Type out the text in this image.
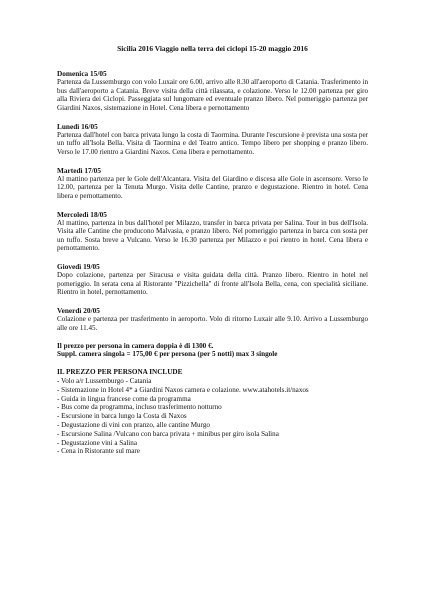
Sicilia 2016 Viaggio nella terra dei ciclopi 15-20 maggio 2016
Domenica 15/05
Partenza da Lussemburgo con volo Luxair ore 6.00, arrivo alle 8.30 all'aeroporto di Catania. Trasferimento in bus dall'aeroporto a Catania. Breve visita della città rilassata, e colazione. Verso le 12.00 partenza per giro alla Riviera dei Ciclopi. Passeggiata sul lungomare ed eventuale pranzo libero. Nel pomeriggio partenza per Giardini Naxos, sistemazione in Hotel. Cena libera e pernottamento
Lunedì 16/05
Partenza dall'hotel con barca privata lungo la costa di Taormina. Durante l'escursione è prevista una sosta per un tuffo all'Isola Bella. Visita di Taormina e del Teatro antico. Tempo libero per shopping e pranzo libero. Verso le 17.00 rientro a Giardini Naxos. Cena libera e pernottamento.
Martedì 17/05
Al mattino partenza per le Gole dell'Alcantara. Visita del Giardino e discesa alle Gole in ascensore. Verso le 12.00, partenza per la Tenuta Murgo. Visita delle Cantine, pranzo e degustazione. Rientro in hotel. Cena libera e pernottamento.
Mercoledì 18/05
Al mattino, partenza in bus dall'hotel per Milazzo, transfer in barca privata per Salina. Tour in bus dell'Isola. Visita alle Cantine che producono Malvasia, e pranzo libero. Nel pomeriggio partenza in barca con sosta per un tuffo. Sosta breve a Vulcano. Verso le 16.30 partenza per Milazzo e poi rientro in hotel. Cena libera e pernottamento.
Giovedì 19/05
Dopo colazione, partenza per Siracusa e visita guidata della città. Pranzo libero. Rientro in hotel nel pomeriggio. In serata cena al Ristorante "Pizzichella" di fronte all'Isola Bella, cena, con specialità siciliane. Rientro in hotel, pernottamento.
Venerdì 20/05
Colazione e partenza per trasferimento in aeroporto. Volo di ritorno Luxair alle 9.10. Arrivo a Lussemburgo alle ore 11.45.
Il prezzo per persona in camera doppia è di 1300 €.
Suppl. camera singola = 175,00 € per persona (per 5 notti) max 3 singole
IL PREZZO PER PERSONA INCLUDE
- Volo a/r Lussemburgo - Catania
- Sistemazione in Hotel 4* a Giardini Naxos camera e colazione. www.atahotels.it/naxos
- Guida in lingua francese come da programma
- Bus come da programma, incluso trasferimento notturno
- Escursione in barca lungo la Costa di Naxos
- Degustazione di vini con pranzo, alle cantine Murgo
- Escursione Salina /Vulcano con barca privata + minibus per giro isola Salina
- Degustazione vini a Salina
- Cena in Ristorante sul mare
